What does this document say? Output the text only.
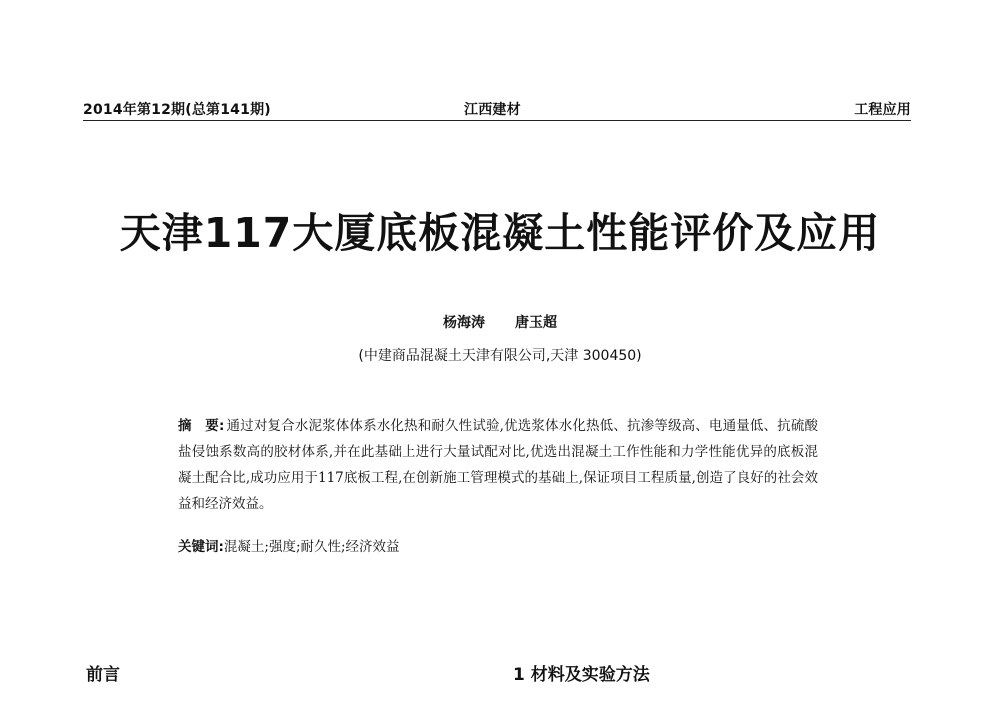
2014年第12期(总第141期)	江西建材	工程应用
天津117大厦底板混凝土性能评价及应用
杨海涛 唐玉超
(中建商品混凝土天津有限公司,天津 300450)
摘　要: 通过对复合水泥浆体体系水化热和耐久性试验,优选浆体水化热低、抗渗等级高、电通量低、抗硫酸盐侵蚀系数高的胶材体系,并在此基础上进行大量试配对比,优选出混凝土工作性能和力学性能优异的底板混凝土配合比,成功应用于117底板工程,在创新施工管理模式的基础上,保证项目工程质量,创造了良好的社会效益和经济效益。
关键词:混凝土;强度;耐久性;经济效益
前言	1 材料及实验方法
